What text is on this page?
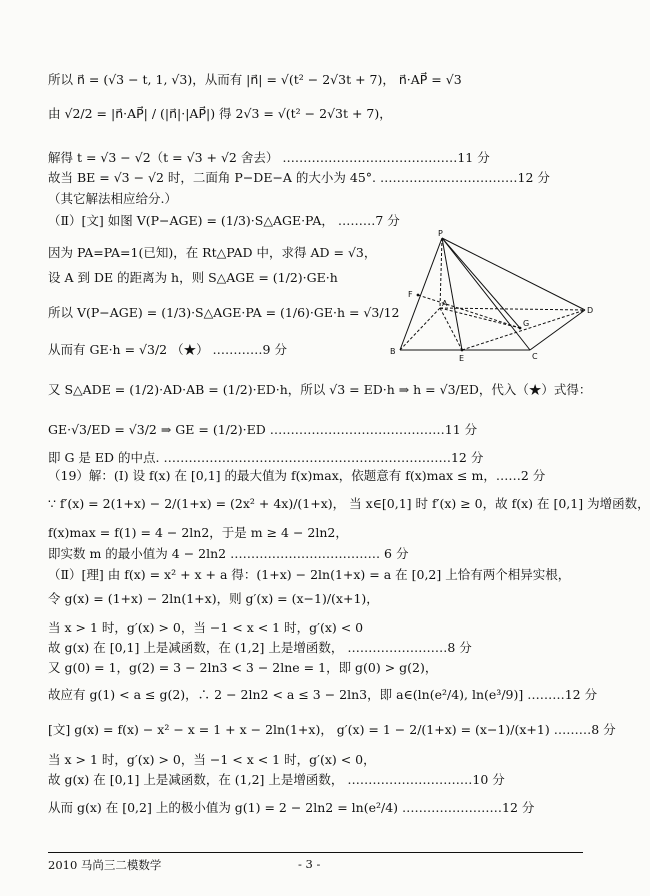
所以 n⃗ = (√3 − t, 1, √3)，从而有 |n⃗| = √(t² − 2√3t + 7)， n⃗·AP⃗ = √3
由 √2/2 = |n⃗·AP⃗| / (|n⃗|·|AP⃗|) 得 2√3 = √(t² − 2√3t + 7)，
解得 t = √3 − √2（t = √3 + √2 舍去） ……………………………………11 分
故当 BE = √3 − √2 时，二面角 P−DE−A 的大小为 45°. ……………………………12 分
（其它解法相应给分.）
（Ⅱ）[文] 如图 V(P−AGE) = (1/3)·S△AGE·PA， ………7 分
因为 PA=PA=1(已知)，在 Rt△PAD 中，求得 AD = √3，
设 A 到 DE 的距离为 h，则 S△AGE = (1/2)·GE·h
所以 V(P−AGE) = (1/3)·S△AGE·PA = (1/6)·GE·h = √3/12
从而有 GE·h = √3/2 （★） …………9 分
又 S△ADE = (1/2)·AD·AB = (1/2)·ED·h，所以 √3 = ED·h ⇒ h = √3/ED，代入（★）式得：
GE·√3/ED = √3/2 ⇒ GE = (1/2)·ED ……………………………………11 分
即 G 是 ED 的中点. ……………………………………………………………12 分
（19）解：(Ⅰ) 设 f(x) 在 [0,1] 的最大值为 f(x)max，依题意有 f(x)max ≤ m，……2 分
∵ f′(x) = 2(1+x) − 2/(1+x) = (2x² + 4x)/(1+x)， 当 x∈[0,1] 时 f′(x) ≥ 0，故 f(x) 在 [0,1] 为增函数，
f(x)max = f(1) = 4 − 2ln2，于是 m ≥ 4 − 2ln2，
即实数 m 的最小值为 4 − 2ln2 ……………………………… 6 分
（Ⅱ）[理] 由 f(x) = x² + x + a 得：(1+x) − 2ln(1+x) = a 在 [0,2] 上恰有两个相异实根，
令 g(x) = (1+x) − 2ln(1+x)，则 g′(x) = (x−1)/(x+1)，
当 x > 1 时，g′(x) > 0，当 −1 < x < 1 时，g′(x) < 0
故 g(x) 在 [0,1] 上是减函数，在 (1,2] 上是增函数， ……………………8 分
又 g(0) = 1，g(2) = 3 − 2ln3 < 3 − 2lne = 1，即 g(0) > g(2)，
故应有 g(1) < a ≤ g(2)，∴ 2 − 2ln2 < a ≤ 3 − 2ln3，即 a∈(ln(e²/4), ln(e³/9)] ………12 分
[文] g(x) = f(x) − x² − x = 1 + x − 2ln(1+x)， g′(x) = 1 − 2/(1+x) = (x−1)/(x+1) ………8 分
当 x > 1 时，g′(x) > 0，当 −1 < x < 1 时，g′(x) < 0，
故 g(x) 在 [0,1] 上是减函数，在 (1,2] 上是增函数， …………………………10 分
从而 g(x) 在 [0,2] 上的极小值为 g(1) = 2 − 2ln2 = ln(e²/4) ……………………12 分
P
F
A
G
D
B
E	C
2010 马尚三二模数学	- 3 -
